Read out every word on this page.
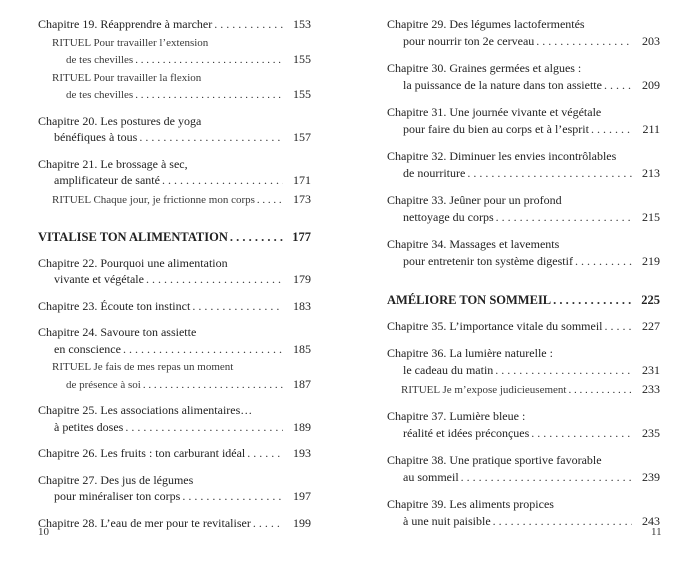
Chapitre 19. Réapprendre à marcher . . .	153
RITUEL Pour travailler l’extension
de tes chevilles . . .	155
RITUEL Pour travailler la flexion
de tes chevilles . . .	155
Chapitre 20. Les postures de yoga
bénéfiques à tous . . .	157
Chapitre 21. Le brossage à sec,
amplificateur de santé . . .	171
RITUEL Chaque jour, je frictionne mon corps . . .	173
VITALISE TON ALIMENTATION . . .	177
Chapitre 22. Pourquoi une alimentation
vivante et végétale . . .	179
Chapitre 23. Écoute ton instinct . . .	183
Chapitre 24. Savoure ton assiette
en conscience . . .	185
RITUEL Je fais de mes repas un moment
de présence à soi . . .	187
Chapitre 25. Les associations alimentaires…
à petites doses . . .	189
Chapitre 26. Les fruits : ton carburant idéal . . .	193
Chapitre 27. Des jus de légumes
pour minéraliser ton corps . . .	197
Chapitre 28. L’eau de mer pour te revitaliser . . .	199
Chapitre 29. Des légumes lactofermentés
pour nourrir ton 2e cerveau . . .	203
Chapitre 30. Graines germées et algues :
la puissance de la nature dans ton assiette . . .	209
Chapitre 31. Une journée vivante et végétale
pour faire du bien au corps et à l’esprit . . .	211
Chapitre 32. Diminuer les envies incontrôlables
de nourriture . . .	213
Chapitre 33. Jeûner pour un profond
nettoyage du corps . . .	215
Chapitre 34. Massages et lavements
pour entretenir ton système digestif . . .	219
AMÉLIORE TON SOMMEIL . . .	225
Chapitre 35. L’importance vitale du sommeil . . .	227
Chapitre 36. La lumière naturelle :
le cadeau du matin . . .	231
RITUEL Je m’expose judicieusement . . .	233
Chapitre 37. Lumière bleue :
réalité et idées préconçues . . .	235
Chapitre 38. Une pratique sportive favorable
au sommeil . . .	239
Chapitre 39. Les aliments propices
à une nuit paisible . . .	243
10	11
